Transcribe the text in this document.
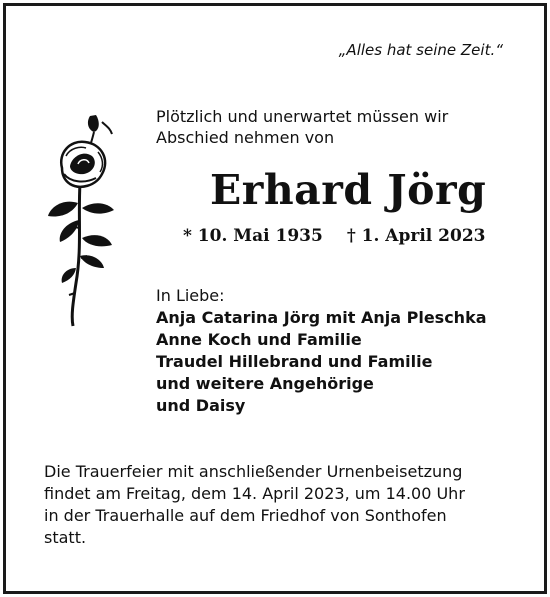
„Alles hat seine Zeit.“
Plötzlich und unerwartet müssen wir
Abschied nehmen von
Erhard Jörg
* 10. Mai 1935 † 1. April 2023
In Liebe:
Anja Catarina Jörg mit Anja Pleschka
Anne Koch und Familie
Traudel Hillebrand und Familie
und weitere Angehörige
und Daisy
Die Trauerfeier mit anschließender Urnenbeisetzung
findet am Freitag, dem 14. April 2023, um 14.00 Uhr
in der Trauerhalle auf dem Friedhof von Sonthofen
statt.
